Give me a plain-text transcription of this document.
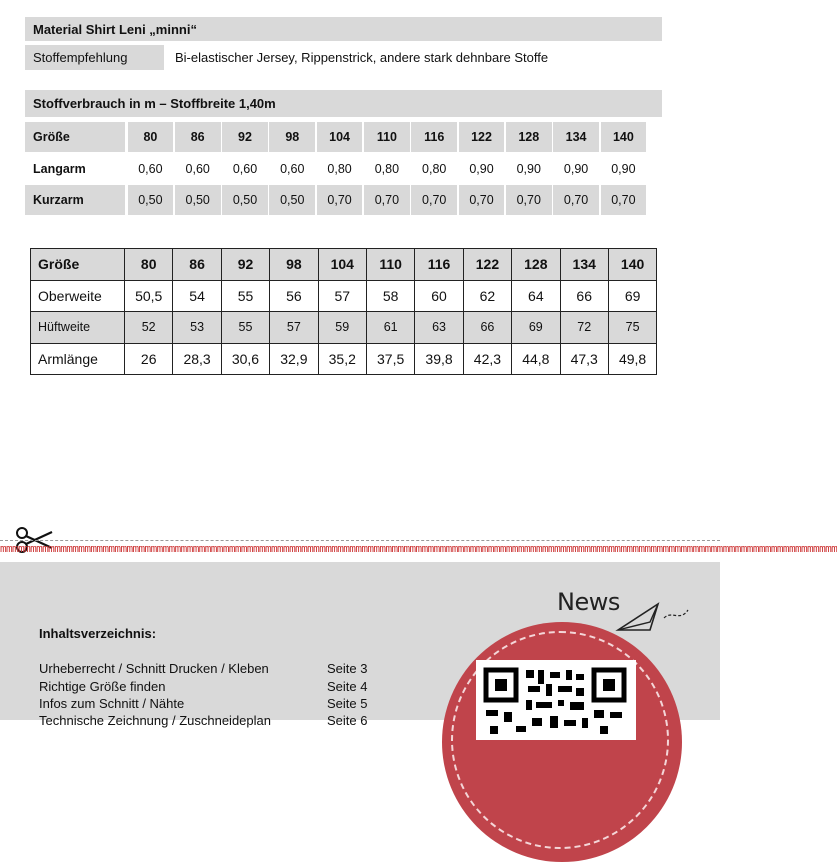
Material Shirt Leni „minni“
Stoffempfehlung	Bi-elastischer Jersey, Rippenstrick, andere stark dehnbare Stoffe
Stoffverbrauch in m – Stoffbreite 1,40m
Größe	80	86	92	98	104	110	116	122	128	134	140
Langarm	0,60	0,60	0,60	0,60	0,80	0,80	0,80	0,90	0,90	0,90	0,90
Kurzarm	0,50	0,50	0,50	0,50	0,70	0,70	0,70	0,70	0,70	0,70	0,70
Größe	80	86	92	98	104	110	116	122	128	134	140
Oberweite	50,5	54	55	56	57	58	60	62	64	66	69
Hüftweite	52	53	55	57	59	61	63	66	69	72	75
Armlänge	26	28,3	30,6	32,9	35,2	37,5	39,8	42,3	44,8	47,3	49,8
mmmmmmmmmmmmmmmmmmmmmmmmmmmmmmmmmmmmmmmmmmmmmmmmmmmmmmmmmmmmmmmmmmmmmmmmmmmmmmmmmmmmmmmmmmmmmmmmmmmmmmmmmmmmmmmmmmmmmmmmmmmmmmmmmmmmmmmmmmm
Inhaltsverzeichnis:
Urheberrecht / Schnitt Drucken / Kleben	Seite 3
Richtige Größe finden	Seite 4
Infos zum Schnitt / Nähte	Seite 5
Technische Zeichnung / Zuschneideplan	Seite 6
News
